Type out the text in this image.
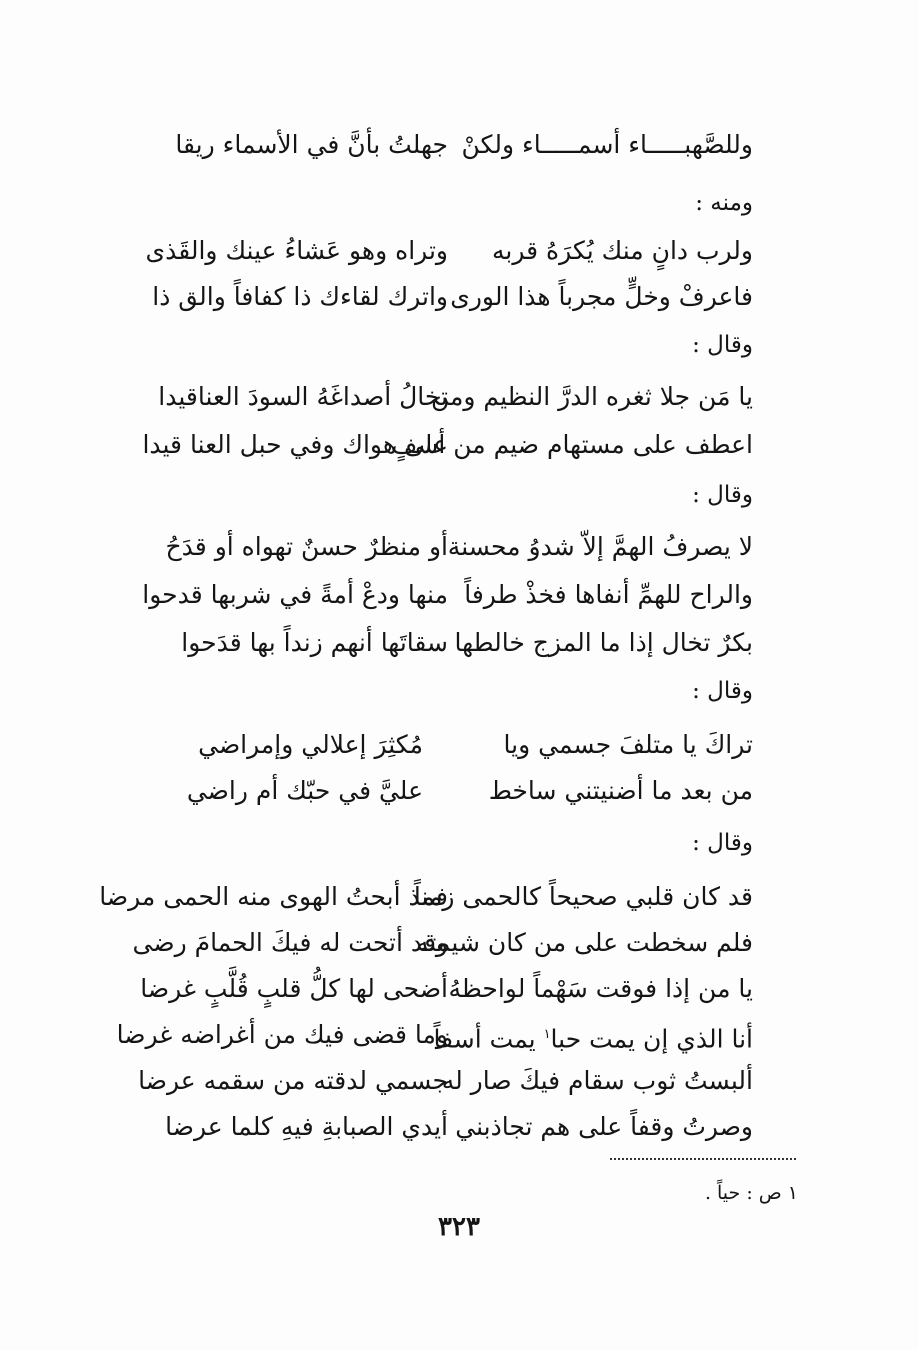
وللصَّهبـــــاء أسمـــــاء ولكنْ
جهلتُ بأنَّ في الأسماء ريقا
ومنه :
ولرب دانٍ منك يُكرَهُ قربه
وتراه وهو عَشاءُ عينك والقَذى
فاعرفْ وخلٍّ مجرباً هذا الورى
واترك لقاءك ذا كفافاً والق ذا
وقال :
يا مَن جلا ثغره الدرَّ النظيم ومن
تخالُ أصداغَهُ السودَ العناقيدا
اعطف على مستهام ضيم من أسفٍ
على هواك وفي حبل العنا قيدا
وقال :
لا يصرفُ الهمَّ إلاّ شدوُ محسنة
أو منظرٌ حسنٌ تهواه أو قدَحُ
والراح للهمِّ أنفاها فخذْ طرفاً
منها ودعْ أمةً في شربها قدحوا
بكرٌ تخال إذا ما المزج خالطها
سقاتَها أنهم زنداً بها قدَحوا
وقال :
تراكَ يا متلفَ جسمي ويا
مُكثِرَ إعلالي وإمراضي
من بعد ما أضنيتني ساخط
عليَّ في حبّك أم راضي
وقال :
قد كان قلبي صحيحاً كالحمى زمناً
فمذ أبحتُ الهوى منه الحمى مرضا
فلم سخطت على من كان شيمته
وقد أتحت له فيكَ الحمامَ رضى
يا من إذا فوقت سَهْماً لواحظهُ
أضحى لها كلُّ قلبٍ قُلَّبٍ غرضا
أنا الذي إن يمت حبا$^١$ يمت أسفاً
وما قضى فيك من أغراضه غرضا
ألبستُ ثوب سقام فيكَ صار له
جسمي لدقته من سقمه عرضا
وصرتُ وقفاً على هم تجاذبني
أيدي الصبابةِ فيهِ كلما عرضا
١ ص : حياً .
٣٢٣
